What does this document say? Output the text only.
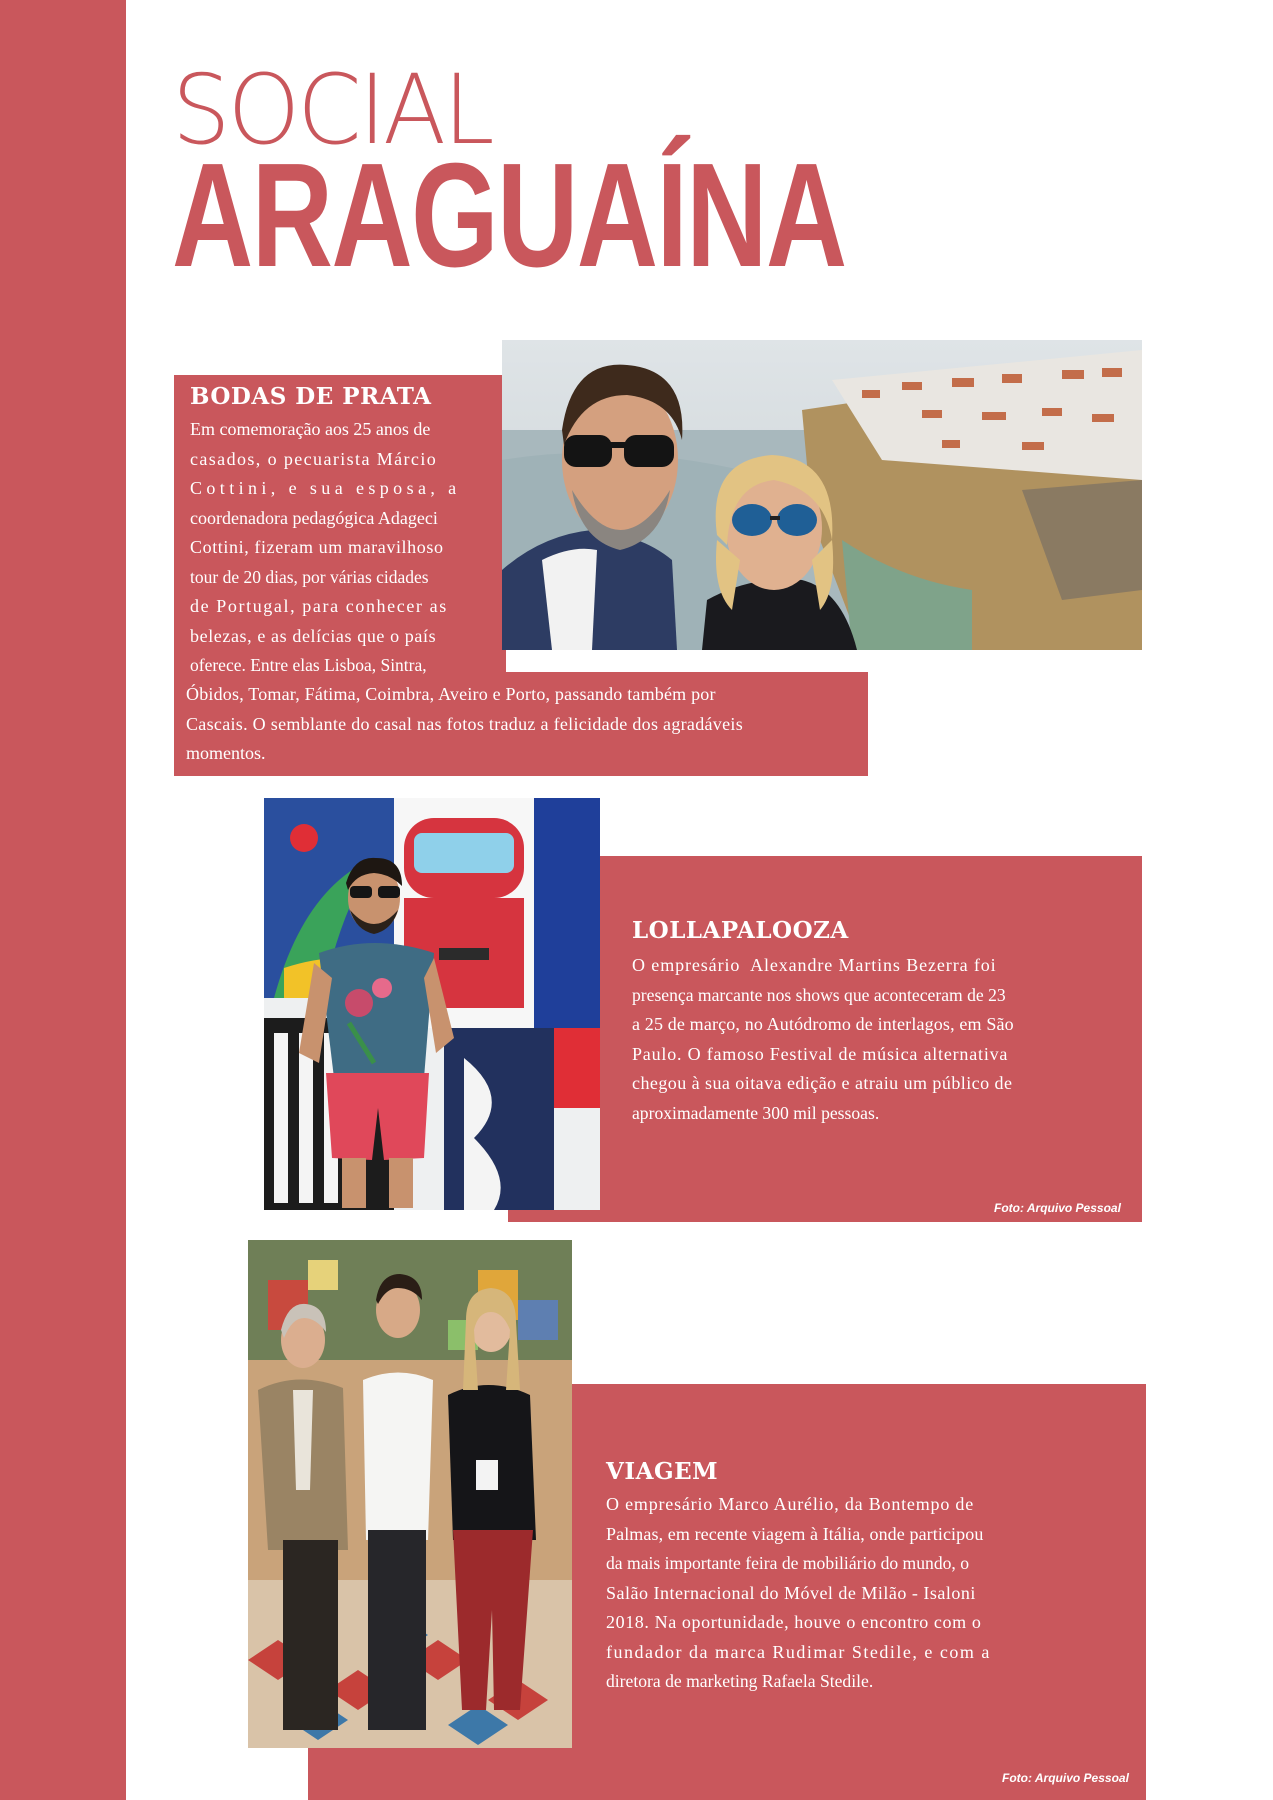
SOCIAL
ARAGUAÍNA
BODAS DE PRATA
Em comemoração aos 25 anos de
casados, o pecuarista Márcio
Cottini, e sua esposa, a
coordenadora pedagógica Adageci
Cottini, fizeram um maravilhoso
tour de 20 dias, por várias cidades
de Portugal, para conhecer as
belezas, e as delícias que o país
oferece. Entre elas Lisboa, Sintra,
Óbidos, Tomar, Fátima, Coimbra, Aveiro e Porto, passando também por
Cascais. O semblante do casal nas fotos traduz a felicidade dos agradáveis
momentos.
Foto: Arquivo Pessoal
LOLLAPALOOZA
O empresário  Alexandre Martins Bezerra foi
presença marcante nos shows que aconteceram de 23
a 25 de março, no Autódromo de interlagos, em São
Paulo. O famoso Festival de música alternativa
chegou à sua oitava edição e atraiu um público de
aproximadamente 300 mil pessoas.
Foto: Arquivo Pessoal
VIAGEM
O empresário Marco Aurélio, da Bontempo de
Palmas, em recente viagem à Itália, onde participou
da mais importante feira de mobiliário do mundo, o
Salão Internacional do Móvel de Milão - Isaloni
2018. Na oportunidade, houve o encontro com o
fundador da marca Rudimar Stedile, e com a
diretora de marketing Rafaela Stedile.
Foto: Arquivo Pessoal
